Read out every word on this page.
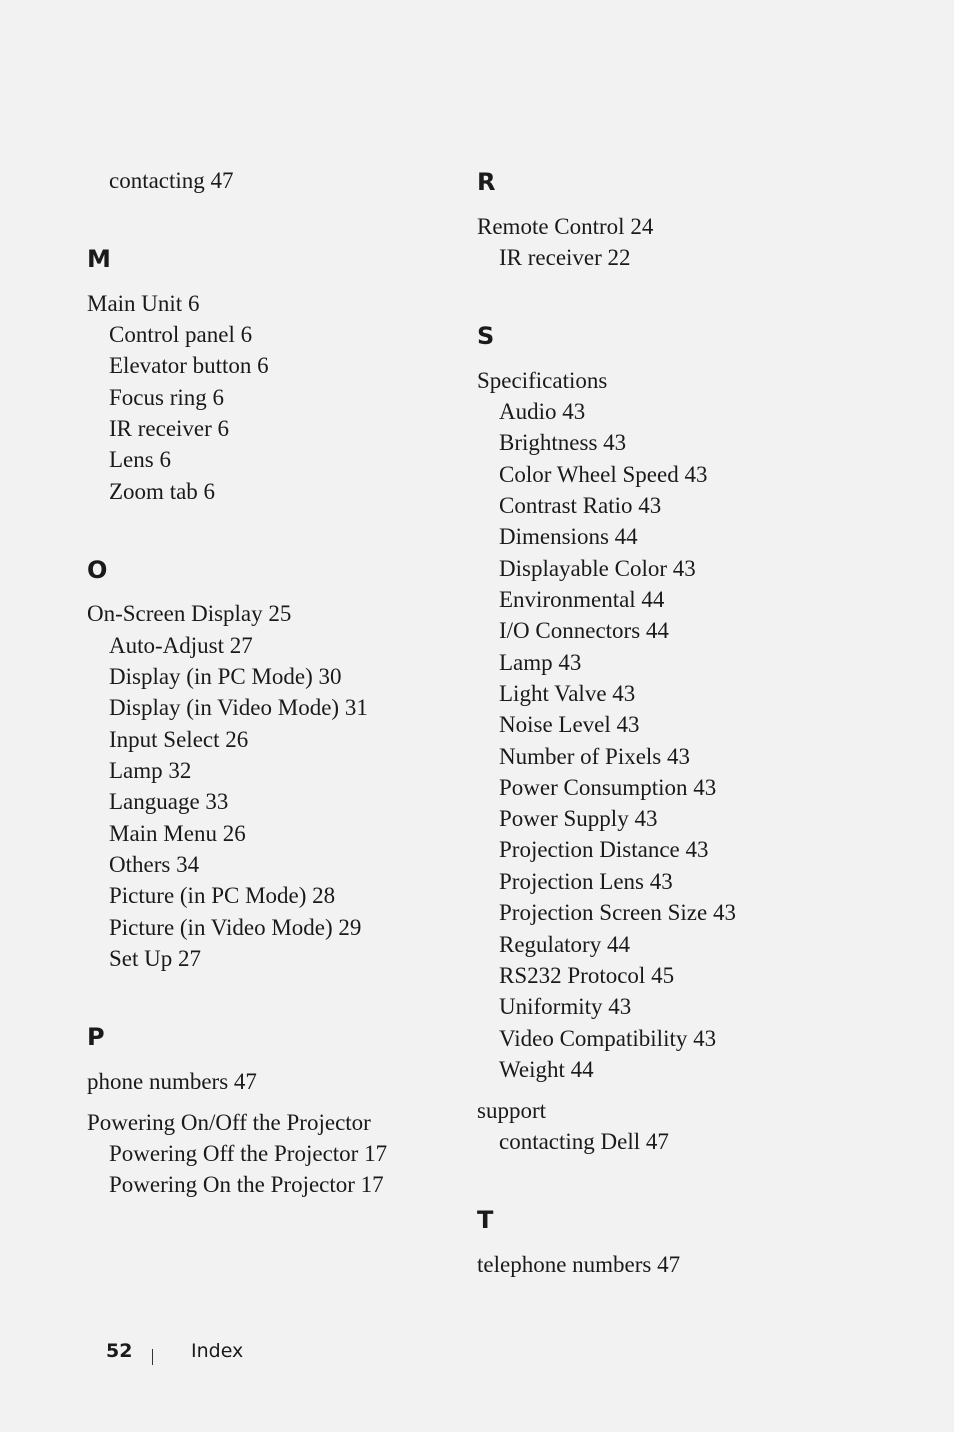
contacting 47
M
Main Unit 6
Control panel 6
Elevator button 6
Focus ring 6
IR receiver 6
Lens 6
Zoom tab 6
O
On-Screen Display 25
Auto-Adjust 27
Display (in PC Mode) 30
Display (in Video Mode) 31
Input Select 26
Lamp 32
Language 33
Main Menu 26
Others 34
Picture (in PC Mode) 28
Picture (in Video Mode) 29
Set Up 27
P
phone numbers 47
Powering On/Off the Projector
Powering Off the Projector 17
Powering On the Projector 17
R
Remote Control 24
IR receiver 22
S
Specifications
Audio 43
Brightness 43
Color Wheel Speed 43
Contrast Ratio 43
Dimensions 44
Displayable Color 43
Environmental 44
I/O Connectors 44
Lamp 43
Light Valve 43
Noise Level 43
Number of Pixels 43
Power Consumption 43
Power Supply 43
Projection Distance 43
Projection Lens 43
Projection Screen Size 43
Regulatory 44
RS232 Protocol 45
Uniformity 43
Video Compatibility 43
Weight 44
support
contacting Dell 47
T
telephone numbers 47
52	Index
